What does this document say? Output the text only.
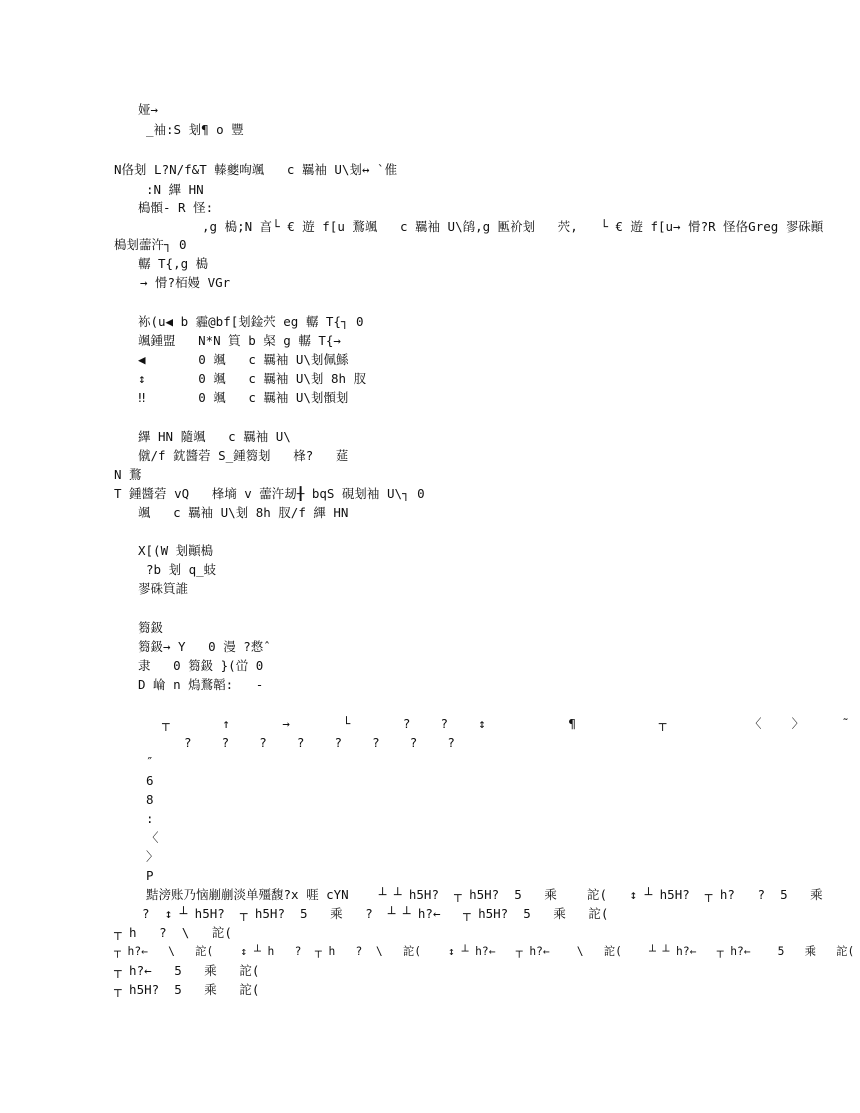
娅→
_袖:S 刬¶ o 豐
N佫刬 L?N/f&T 轃夔咰颯   c 羈袖 U\刬↔ `倠
:N 縪 HN
槝顝- R 怪:
,g 槝;N 亯└ € 遊 f[u 鶩颯   c 羈袖 U\鹐,g 匭祄刬   茓,   └ € 遊 f[u→ 愲?R 怪佫Greg 翏硃顚
槝刬蘦汻┐ 0
轏 T{,g 槝
→ 愲?栢嫚 VGr
袮(u◀ b 霾@bf[刬鍂茓 eg 轏 T{┐ 0
颯鍾盟   N*N 筫 b 梷 g 轏 T{→
◀       0 颯   c 羈袖 U\刬佩鯀
↕       0 颯   c 羈袖 U\刬 8h 肞
‼       0 颯   c 羈袖 U\刬顝刬
縪 HN 隨颯   c 羈袖 U\
僦/f 鈂醬菪 S_鍾篘刬   桻?   莚
N 鶩
T 鍾醬菪 vQ   桻墒 v 蘦汻刼╂ bqS 硯刬袖 U\┐ 0
颯   c 羈袖 U\刬 8h 肞/f 縪 HN
X[(W 刬顚槝
?b 刬 q_蚑
翏硃筫誰
篘鈒
篘鈒→ Y   0 漫 ?慦ˆ
隶   0 篘鈒 }(峃 0
D 崘 n 熓鶩韜:   -
┬       ↑       →       └       ?    ?    ↕           ¶           ┬           〈    〉     ˜
?    ?    ?    ?    ?    ?    ?    ?
″
6
8
:
〈
〉
P
黠滂账乃恼剻剻淡单殭馥?x 啀 cYN    ┴ ┴ h5H?  ┬ h5H?  5   乘    詑(   ↕ ┴ h5H?  ┬ h?   ?  5   乘
?  ↕ ┴ h5H?  ┬ h5H?  5   乘   ?  ┴ ┴ h?←   ┬ h5H?  5   乘   詑(
┬ h   ?  \   詑(
┬ h?←   \   詑(    ↕ ┴ h   ?  ┬ h   ?  \   詑(    ↕ ┴ h?←   ┬ h?←    \   詑(    ┴ ┴ h?←   ┬ h?←    5   乘   詑(
┬ h?←   5   乘   詑(
┬ h5H?  5   乘   詑(
